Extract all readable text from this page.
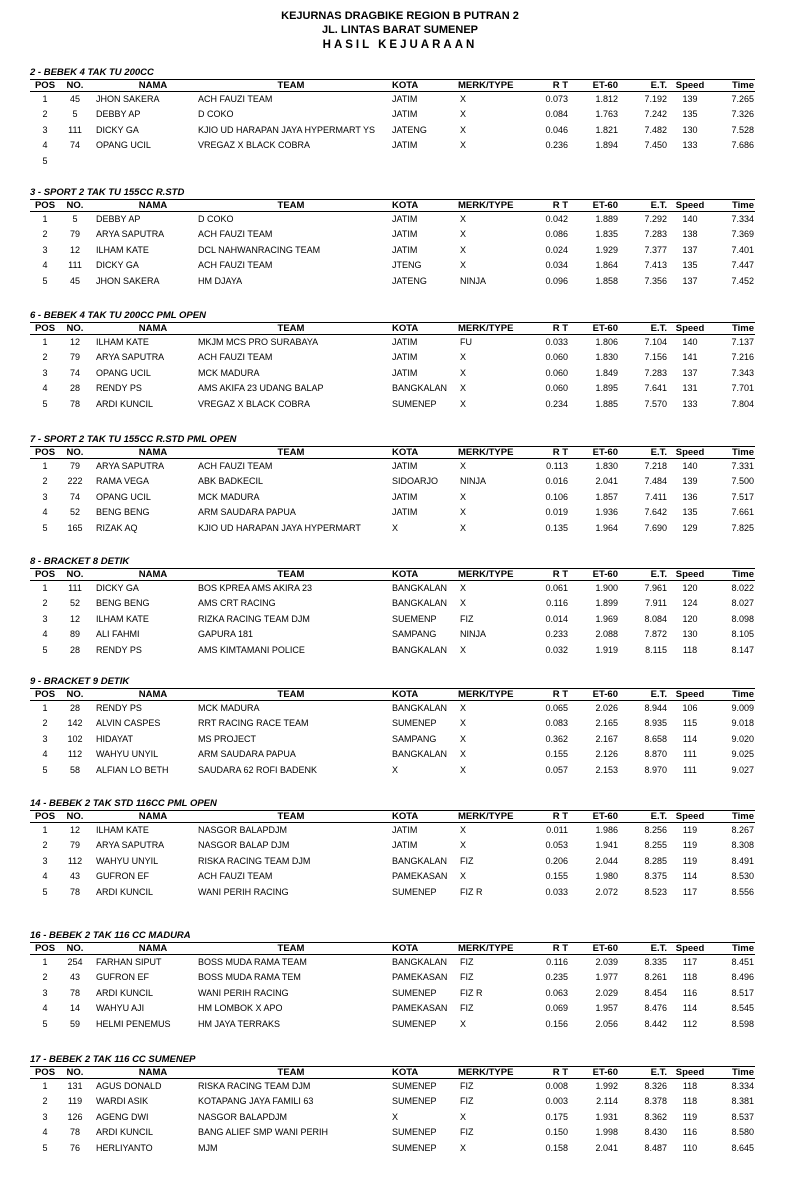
KEJURNAS DRAGBIKE REGION B PUTRAN 2
JL. LINTAS BARAT SUMENEP
HASIL KEJUARAAN
2 - BEBEK 4 TAK TU 200CC
POS	NO.	NAMA	TEAM	KOTA	MERK/TYPE	R T	ET-60	E.T. Speed	Time
1	45	JHON SAKERA	ACH FAUZI TEAM	JATIM	X	0.073	1.812	7.192	139	7.265
2	5	DEBBY AP	D COKO	JATIM	X	0.084	1.763	7.242	135	7.326
3	111	DICKY GA	KJIO UD HARAPAN JAYA HYPERMART YS	JATENG	X	0.046	1.821	7.482	130	7.528
4	74	OPANG UCIL	VREGAZ X BLACK COBRA	JATIM	X	0.236	1.894	7.450	133	7.686
5
3 - SPORT 2 TAK TU 155CC R.STD
POS	NO.	NAMA	TEAM	KOTA	MERK/TYPE	R T	ET-60	E.T. Speed	Time
1	5	DEBBY AP	D COKO	JATIM	X	0.042	1.889	7.292	140	7.334
2	79	ARYA SAPUTRA	ACH FAUZI TEAM	JATIM	X	0.086	1.835	7.283	138	7.369
3	12	ILHAM KATE	DCL NAHWANRACING TEAM	JATIM	X	0.024	1.929	7.377	137	7.401
4	111	DICKY GA	ACH FAUZI TEAM	JTENG	X	0.034	1.864	7.413	135	7.447
5	45	JHON SAKERA	HM DJAYA	JATENG	NINJA	0.096	1.858	7.356	137	7.452
6 - BEBEK 4 TAK TU 200CC PML OPEN
POS	NO.	NAMA	TEAM	KOTA	MERK/TYPE	R T	ET-60	E.T. Speed	Time
1	12	ILHAM KATE	MKJM MCS PRO SURABAYA	JATIM	FU	0.033	1.806	7.104	140	7.137
2	79	ARYA SAPUTRA	ACH FAUZI TEAM	JATIM	X	0.060	1.830	7.156	141	7.216
3	74	OPANG UCIL	MCK MADURA	JATIM	X	0.060	1.849	7.283	137	7.343
4	28	RENDY PS	AMS AKIFA 23 UDANG BALAP	BANGKALAN	X	0.060	1.895	7.641	131	7.701
5	78	ARDI KUNCIL	VREGAZ X BLACK COBRA	SUMENEP	X	0.234	1.885	7.570	133	7.804
7 - SPORT 2 TAK TU 155CC R.STD PML OPEN
POS	NO.	NAMA	TEAM	KOTA	MERK/TYPE	R T	ET-60	E.T. Speed	Time
1	79	ARYA SAPUTRA	ACH FAUZI TEAM	JATIM	X	0.113	1.830	7.218	140	7.331
2	222	RAMA VEGA	ABK BADKECIL	SIDOARJO	NINJA	0.016	2.041	7.484	139	7.500
3	74	OPANG UCIL	MCK MADURA	JATIM	X	0.106	1.857	7.411	136	7.517
4	52	BENG BENG	ARM SAUDARA PAPUA	JATIM	X	0.019	1.936	7.642	135	7.661
5	165	RIZAK AQ	KJIO UD HARAPAN JAYA HYPERMART	X	X	0.135	1.964	7.690	129	7.825
8 - BRACKET 8 DETIK
POS	NO.	NAMA	TEAM	KOTA	MERK/TYPE	R T	ET-60	E.T. Speed	Time
1	111	DICKY GA	BOS KPREA AMS AKIRA 23	BANGKALAN	X	0.061	1.900	7.961	120	8.022
2	52	BENG BENG	AMS CRT RACING	BANGKALAN	X	0.116	1.899	7.911	124	8.027
3	12	ILHAM KATE	RIZKA RACING TEAM DJM	SUEMENP	FIZ	0.014	1.969	8.084	120	8.098
4	89	ALI FAHMI	GAPURA 181	SAMPANG	NINJA	0.233	2.088	7.872	130	8.105
5	28	RENDY PS	AMS KIMTAMANI POLICE	BANGKALAN	X	0.032	1.919	8.115	118	8.147
9 - BRACKET 9 DETIK
POS	NO.	NAMA	TEAM	KOTA	MERK/TYPE	R T	ET-60	E.T. Speed	Time
1	28	RENDY PS	MCK MADURA	BANGKALAN	X	0.065	2.026	8.944	106	9.009
2	142	ALVIN CASPES	RRT RACING RACE TEAM	SUMENEP	X	0.083	2.165	8.935	115	9.018
3	102	HIDAYAT	MS PROJECT	SAMPANG	X	0.362	2.167	8.658	114	9.020
4	112	WAHYU UNYIL	ARM SAUDARA PAPUA	BANGKALAN	X	0.155	2.126	8.870	111	9.025
5	58	ALFIAN LO BETH	SAUDARA 62 ROFI BADENK	X	X	0.057	2.153	8.970	111	9.027
14 - BEBEK 2 TAK STD 116CC PML OPEN
POS	NO.	NAMA	TEAM	KOTA	MERK/TYPE	R T	ET-60	E.T. Speed	Time
1	12	ILHAM KATE	NASGOR BALAPDJM	JATIM	X	0.011	1.986	8.256	119	8.267
2	79	ARYA SAPUTRA	NASGOR BALAP DJM	JATIM	X	0.053	1.941	8.255	119	8.308
3	112	WAHYU UNYIL	RISKA RACING TEAM DJM	BANGKALAN	FIZ	0.206	2.044	8.285	119	8.491
4	43	GUFRON EF	ACH FAUZI TEAM	PAMEKASAN	X	0.155	1.980	8.375	114	8.530
5	78	ARDI KUNCIL	WANI PERIH RACING	SUMENEP	FIZ R	0.033	2.072	8.523	117	8.556
16 - BEBEK 2 TAK 116 CC MADURA
POS	NO.	NAMA	TEAM	KOTA	MERK/TYPE	R T	ET-60	E.T. Speed	Time
1	254	FARHAN SIPUT	BOSS MUDA RAMA TEAM	BANGKALAN	FIZ	0.116	2.039	8.335	117	8.451
2	43	GUFRON EF	BOSS MUDA RAMA TEM	PAMEKASAN	FIZ	0.235	1.977	8.261	118	8.496
3	78	ARDI KUNCIL	WANI PERIH RACING	SUMENEP	FIZ R	0.063	2.029	8.454	116	8.517
4	14	WAHYU AJI	HM LOMBOK X APO	PAMEKASAN	FIZ	0.069	1.957	8.476	114	8.545
5	59	HELMI PENEMUS	HM JAYA TERRAKS	SUMENEP	X	0.156	2.056	8.442	112	8.598
17 - BEBEK 2 TAK 116 CC SUMENEP
POS	NO.	NAMA	TEAM	KOTA	MERK/TYPE	R T	ET-60	E.T. Speed	Time
1	131	AGUS DONALD	RISKA RACING TEAM DJM	SUMENEP	FIZ	0.008	1.992	8.326	118	8.334
2	119	WARDI ASIK	KOTAPANG JAYA FAMILI 63	SUMENEP	FIZ	0.003	2.114	8.378	118	8.381
3	126	AGENG DWI	NASGOR BALAPDJM	X	X	0.175	1.931	8.362	119	8.537
4	78	ARDI KUNCIL	BANG ALIEF SMP WANI PERIH	SUMENEP	FIZ	0.150	1.998	8.430	116	8.580
5	76	HERLIYANTO	MJM	SUMENEP	X	0.158	2.041	8.487	110	8.645
